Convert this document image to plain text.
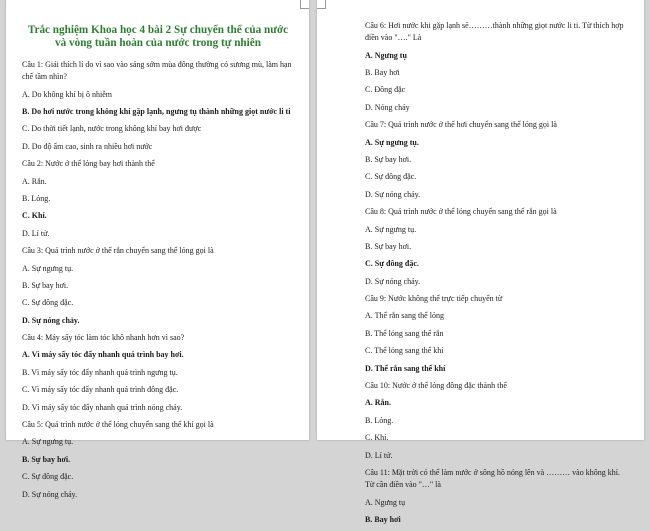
Trắc nghiệm Khoa học 4 bài 2 Sự chuyển thể của nước và vòng tuần hoàn của nước trong tự nhiên
Câu 1: Giải thích lí do vì sao vào sáng sớm mùa đông thường có sương mù, làm hạn chế tầm nhìn?
A. Do không khí bị ô nhiễm
B. Do hơi nước trong không khí gặp lạnh, ngưng tụ thành những giọt nước li ti
C. Do thời tiết lạnh, nước trong không khí bay hơi được
D. Do độ ẩm cao, sinh ra nhiều hơi nước
Câu 2: Nước ở thể lỏng bay hơi thành thể
A. Rắn.
B. Lỏng.
C. Khí.
D. Lí tử.
Câu 3: Quá trình nước ở thể rắn chuyển sang thể lỏng gọi là
A. Sự ngưng tụ.
B. Sự bay hơi.
C. Sự đông đặc.
D. Sự nóng chảy.
Câu 4: Máy sấy tóc làm tóc khô nhanh hơn vì sao?
A. Vì máy sấy tóc đẩy nhanh quá trình bay hơi.
B. Vì máy sấy tóc đẩy nhanh quá trình ngưng tụ.
C. Vì máy sấy tóc đẩy nhanh quá trình đông đặc.
D. Vì máy sấy tóc đẩy nhanh quá trình nóng chảy.
Câu 5: Quá trình nước ở thể lỏng chuyển sang thể khí gọi là
A. Sự ngưng tụ.
B. Sự bay hơi.
C. Sự đông đặc.
D. Sự nóng chảy.
Câu 6: Hơi nước khi gặp lạnh sẽ………thành những giọt nước li ti. Từ thích hợp điền vào "…." Là
A. Ngưng tụ
B. Bay hơi
C. Đông đặc
D. Nóng chảy
Câu 7: Quá trình nước ở thể hơi chuyển sang thể lỏng gọi là
A. Sự ngưng tụ.
B. Sự bay hơi.
C. Sự đông đặc.
D. Sự nóng chảy.
Câu 8: Quá trình nước ở thể lỏng chuyển sang thể rắn gọi là
A. Sự ngưng tụ.
B. Sự bay hơi.
C. Sự đông đặc.
D. Sự nóng chảy.
Câu 9: Nước không thể trực tiếp chuyển từ
A. Thể rắn sang thể lỏng
B. Thể lỏng sang thể rắn
C. Thể lỏng sang thể khí
D. Thể rắn sang thể khí
Câu 10: Nước ở thể lỏng đông đặc thành thể
A. Rắn.
B. Lỏng.
C. Khí.
D. Lí tử.
Câu 11: Mặt trời có thể làm nước ở sông hồ nóng lên và ……… vào không khí. Từ cần điền vào "…" là
A. Ngưng tụ
B. Bay hơi
